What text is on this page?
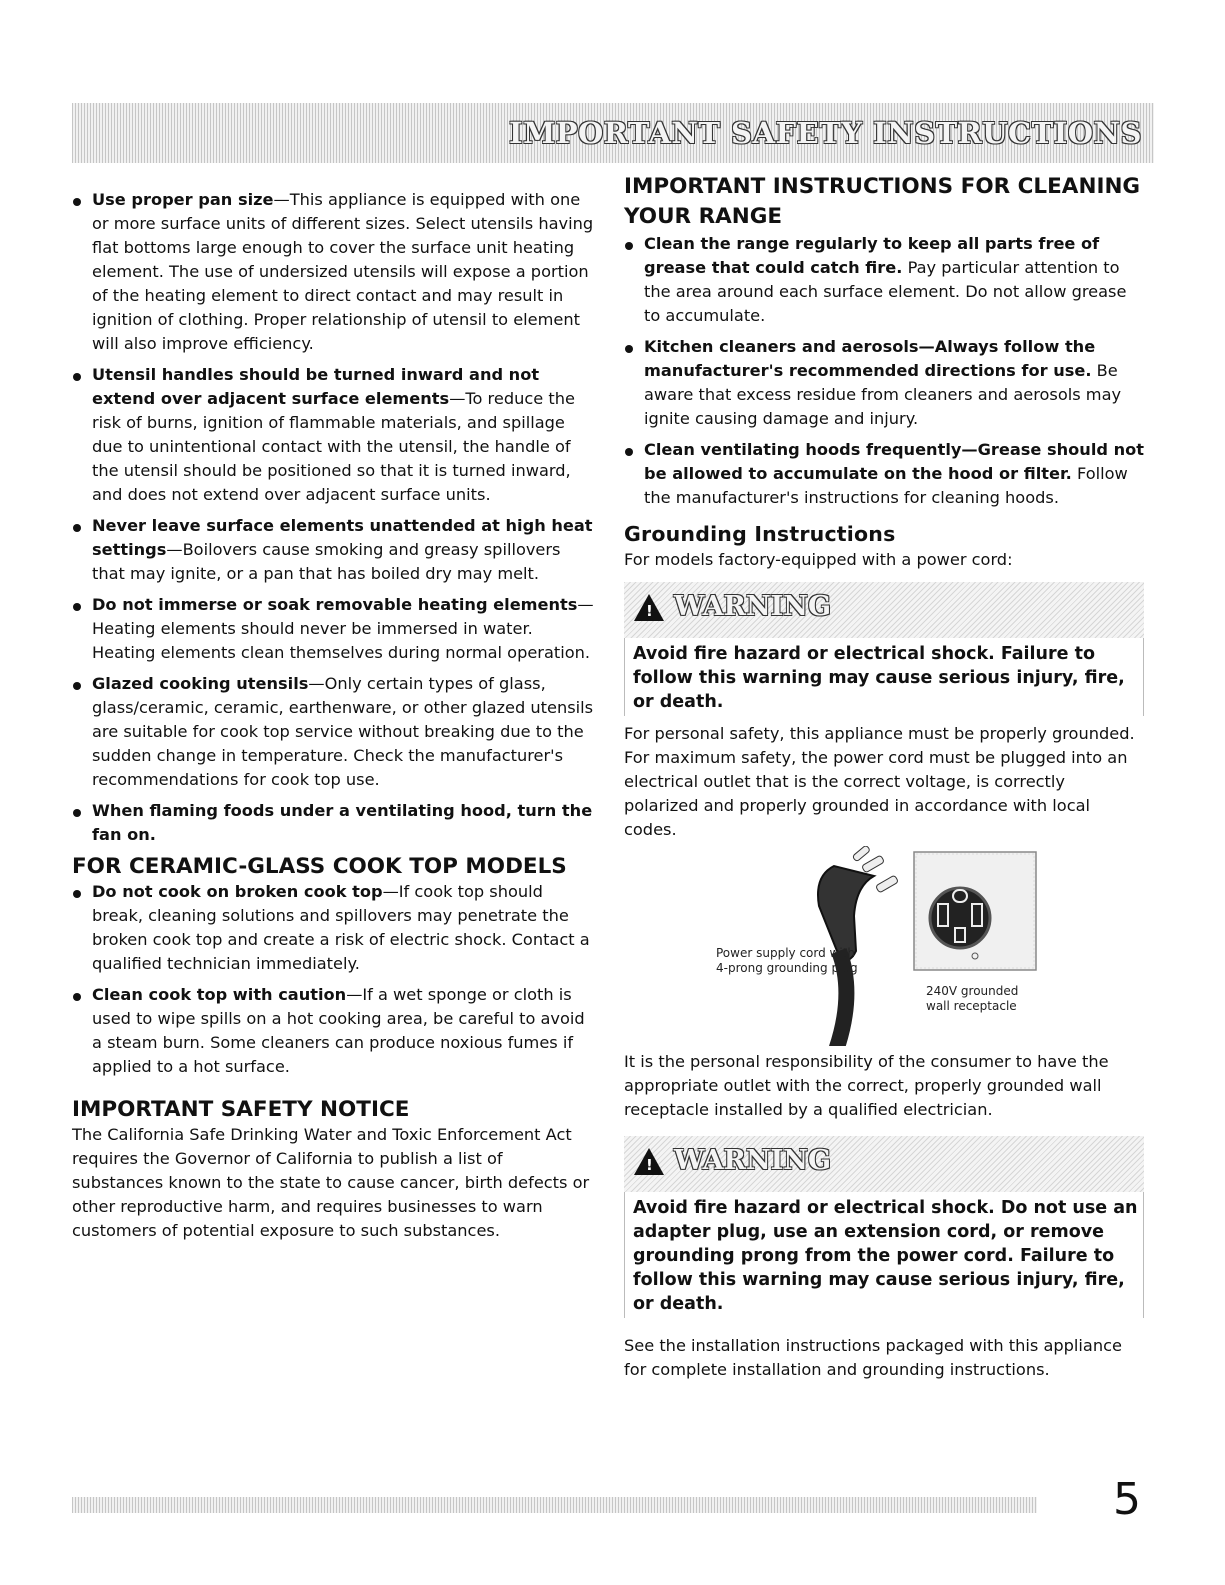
IMPORTANT SAFETY INSTRUCTIONS
Use proper pan size—This appliance is equipped with one or more surface units of different sizes. Select utensils having flat bottoms large enough to cover the surface unit heating element. The use of undersized utensils will expose a portion of the heating element to direct contact and may result in ignition of clothing. Proper relationship of utensil to element will also improve efficiency.
Utensil handles should be turned inward and not extend over adjacent surface elements—To reduce the risk of burns, ignition of flammable materials, and spillage due to unintentional contact with the utensil, the handle of the utensil should be positioned so that it is turned inward, and does not extend over adjacent surface units.
Never leave surface elements unattended at high heat settings—Boilovers cause smoking and greasy spillovers that may ignite, or a pan that has boiled dry may melt.
Do not immerse or soak removable heating elements—Heating elements should never be immersed in water. Heating elements clean themselves during normal operation.
Glazed cooking utensils—Only certain types of glass, glass/ceramic, ceramic, earthenware, or other glazed utensils are suitable for cook top service without breaking due to the sudden change in temperature. Check the manufacturer's recommendations for cook top use.
When flaming foods under a ventilating hood, turn the fan on.
FOR CERAMIC-GLASS COOK TOP MODELS
Do not cook on broken cook top—If cook top should break, cleaning solutions and spillovers may penetrate the broken cook top and create a risk of electric shock. Contact a qualified technician immediately.
Clean cook top with caution—If a wet sponge or cloth is used to wipe spills on a hot cooking area, be careful to avoid a steam burn. Some cleaners can produce noxious fumes if applied to a hot surface.
IMPORTANT SAFETY NOTICE

The California Safe Drinking Water and Toxic Enforcement Act requires the Governor of California to publish a list of substances known to the state to cause cancer, birth defects or other reproductive harm, and requires businesses to warn customers of potential exposure to such substances.

IMPORTANT INSTRUCTIONS FOR CLEANING YOUR RANGE
Clean the range regularly to keep all parts free of grease that could catch fire. Pay particular attention to the area around each surface element. Do not allow grease to accumulate.
Kitchen cleaners and aerosols—Always follow the manufacturer's recommended directions for use. Be aware that excess residue from cleaners and aerosols may ignite causing damage and injury.
Clean ventilating hoods frequently—Grease should not be allowed to accumulate on the hood or filter. Follow the manufacturer's instructions for cleaning hoods.
Grounding Instructions

For models factory-equipped with a power cord:

! WARNING
Avoid fire hazard or electrical shock. Failure to follow this warning may cause serious injury, fire, or death.

For personal safety, this appliance must be properly grounded. For maximum safety, the power cord must be plugged into an electrical outlet that is the correct voltage, is correctly polarized and properly grounded in accordance with local codes.

Power supply cord with 4-prong grounding plug
240V grounded wall receptacle

It is the personal responsibility of the consumer to have the appropriate outlet with the correct, properly grounded wall receptacle installed by a qualified electrician.

! WARNING
Avoid fire hazard or electrical shock. Do not use an adapter plug, use an extension cord, or remove grounding prong from the power cord. Failure to follow this warning may cause serious injury, fire, or death.

See the installation instructions packaged with this appliance for complete installation and grounding instructions.

5
